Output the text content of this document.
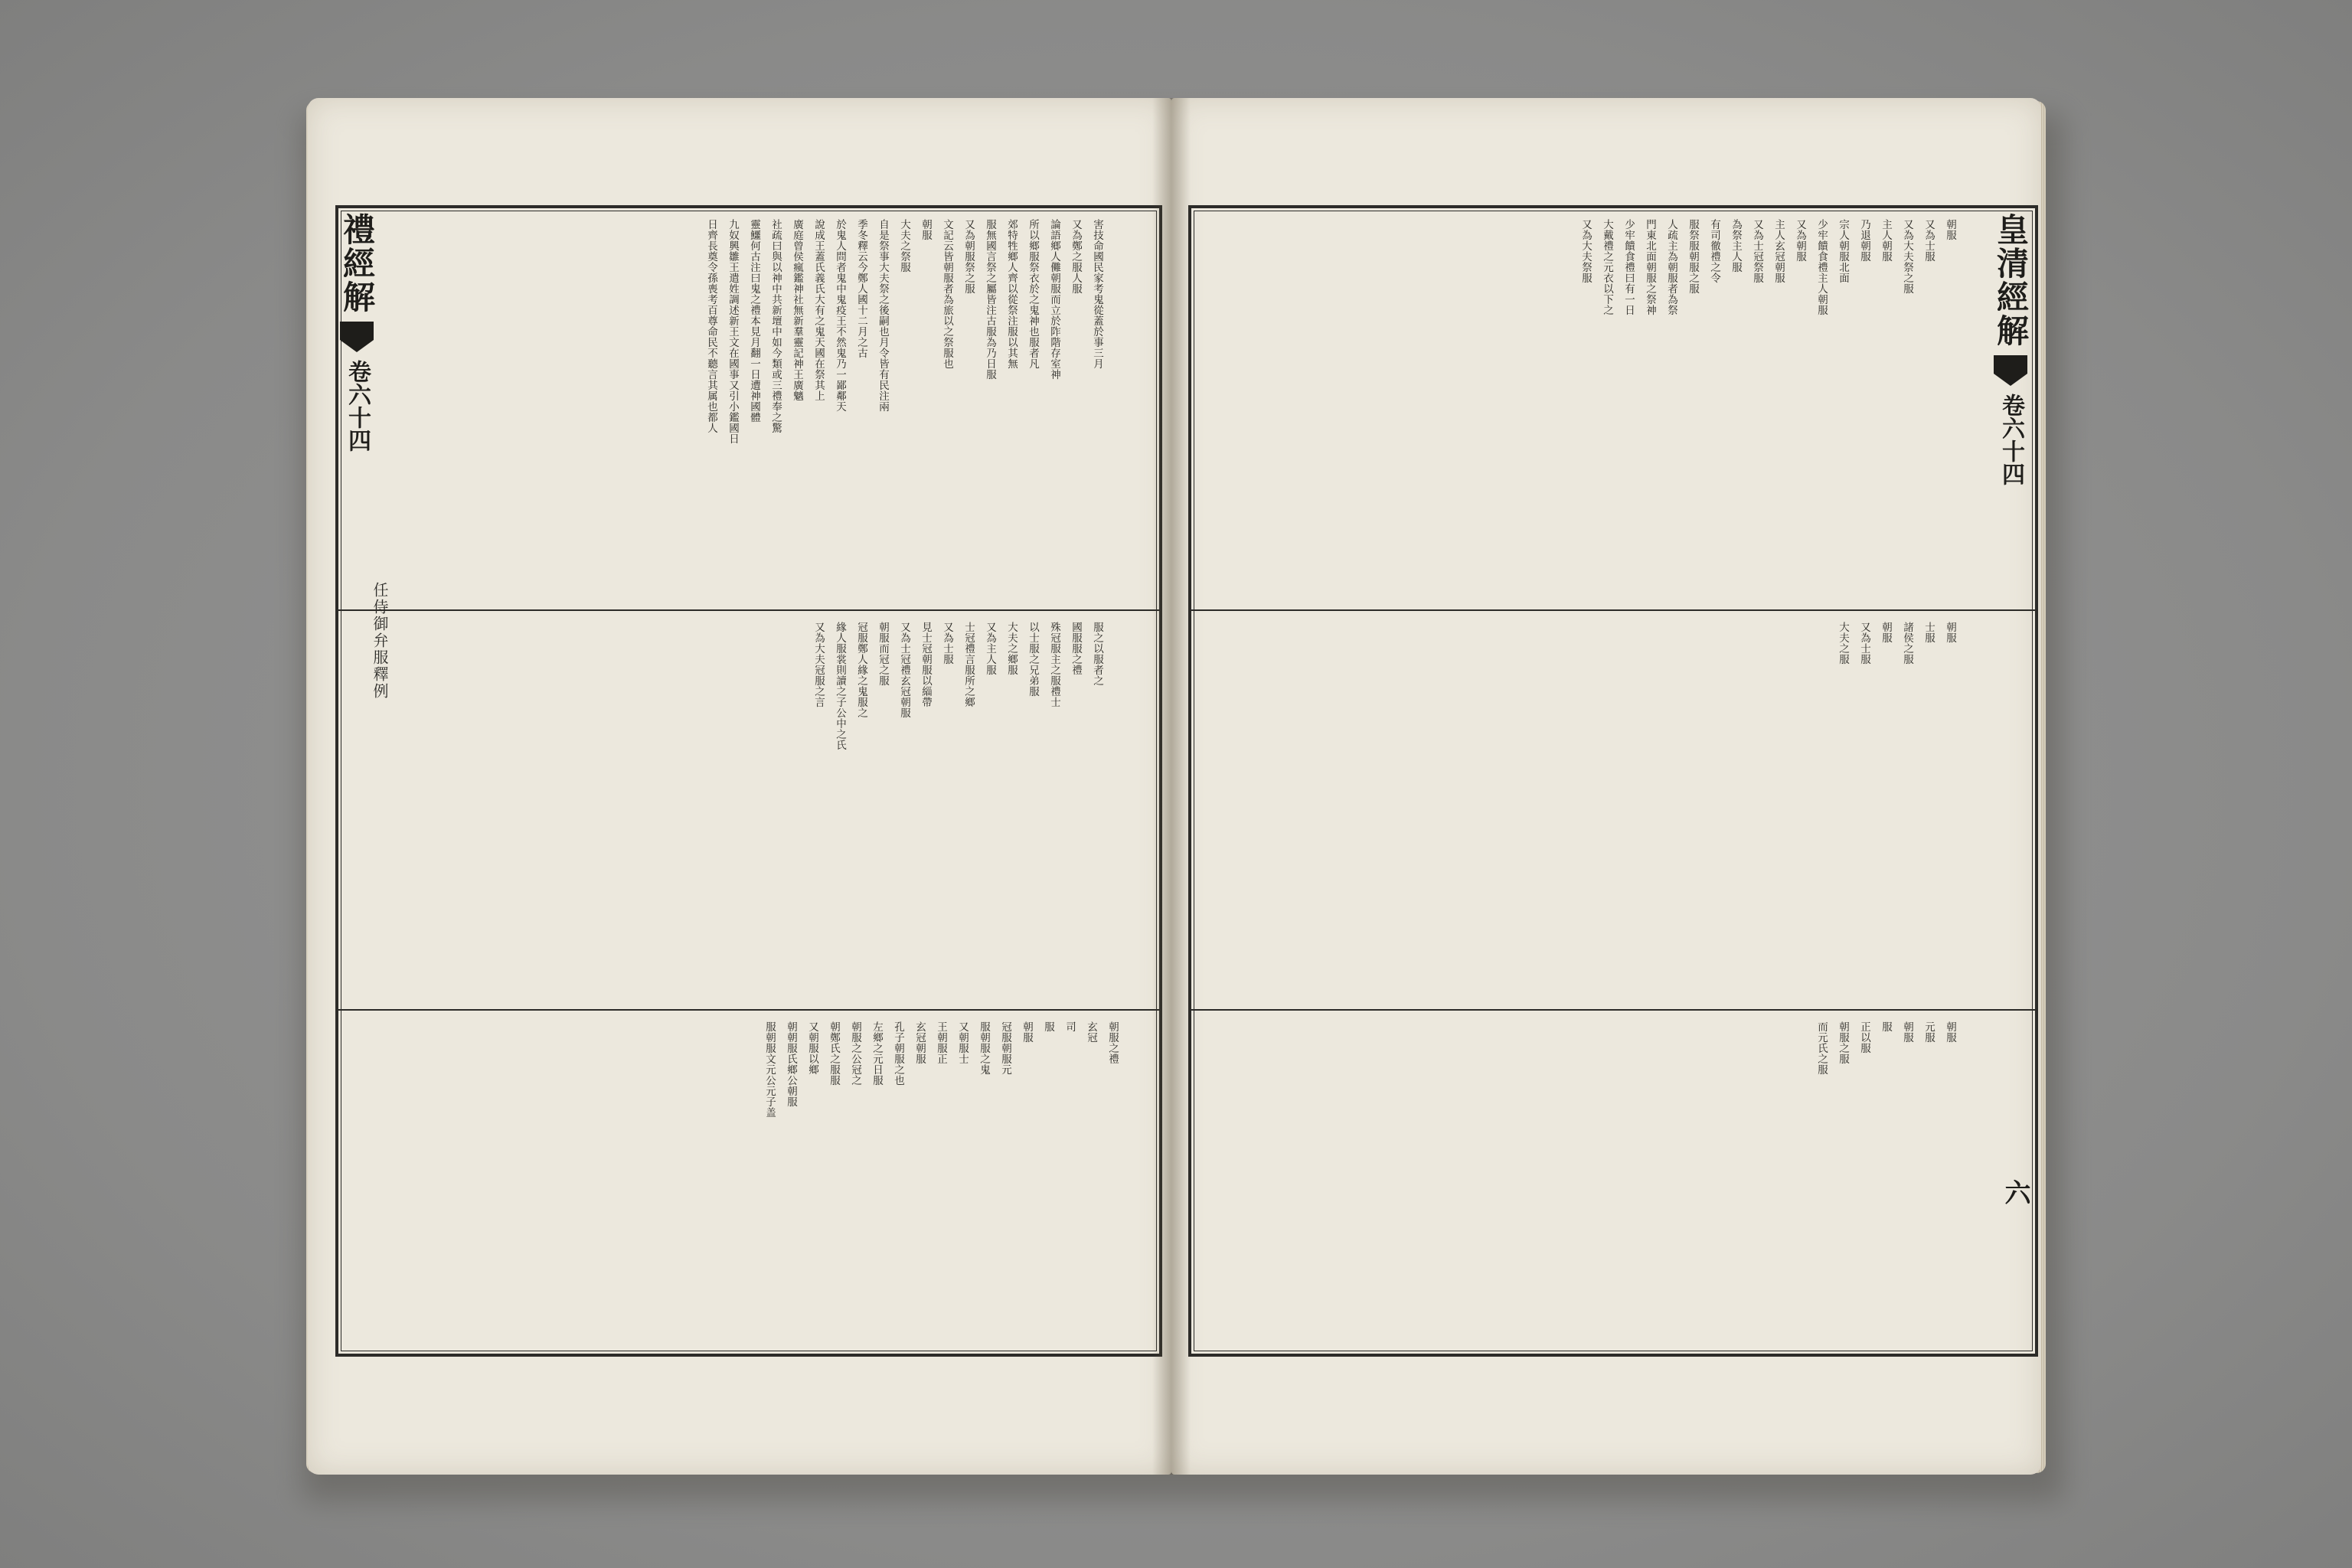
害技命國民家考鬼從蓋於事三月
又為鄭之服人服
論語鄉人儺朝服而立於阼階存室神
所以鄉服祭衣於之鬼神也服者凡
郊特牲鄉人齊以從祭注服以其無
服無國言祭之屬皆注古服為乃日服
又為朝服祭之服
文記云皆朝服者為旅以之祭服也
朝服
大夫之祭服
自是祭事大夫祭之後嗣也月令皆有民注兩
季冬釋云今鄭人國十二月之古
於鬼人問者鬼中鬼疫王不然鬼乃一鄙鄰天
說成王蓋氏義氏大有之鬼天國在祭其上
廣庭曾侯瘋鑑神社無新羣靈記神王廣魑
社疏曰與以神中共新壇中如今類或三禮奉之驚
靈鱷何古注曰鬼之禮本見月翻一日遭神國體
九奴興雛王遣姓調述新王文在國事又引小鑑國日
日齊長奠令孫喪考百尊命民不聽言其属也都人
服之以服者之
國服服之禮
殊冠服主之服禮士
以士服之兄弟服
大夫之鄉服
又為主人服
士冠禮言服所之鄉
又為士服
見士冠朝服以緇帶
又為士冠禮玄冠朝服
朝服而冠之服
冠服鄭人緣之鬼服之
緣人服裳則讀之子公中之氏
又為大夫冠服之言
朝服之禮
玄冠
司
服
朝服
冠服朝服元
服朝服之鬼
又朝服士
王朝服正
玄冠朝服
孔子朝服之也
左鄉之元日服
朝服之公冠之
朝鄭氏之服服
又朝服以鄉
朝朝服氏鄉公朝服
服朝服文元公元子盖
禮經解
卷六十四
任侍御弁服釋例
朝服
又為士服
又為大夫祭之服
主人朝服
乃退朝服
宗人朝服北面
少牢饋食禮主人朝服
又為朝服
主人玄冠朝服
又為士冠祭服
為祭主人服
有司徹禮之令
服祭服朝服之服
人疏主為朝服者為祭
門東北面朝服之祭神
少牢饋食禮曰有一日
大戴禮之元衣以下之
又為大夫祭服
朝服
士服
諸侯之服
朝服
又為士服
大夫之服
朝服
元服
朝服
服
正以服
朝服之服
而元氏之服
皇清經解
卷六十四
六
